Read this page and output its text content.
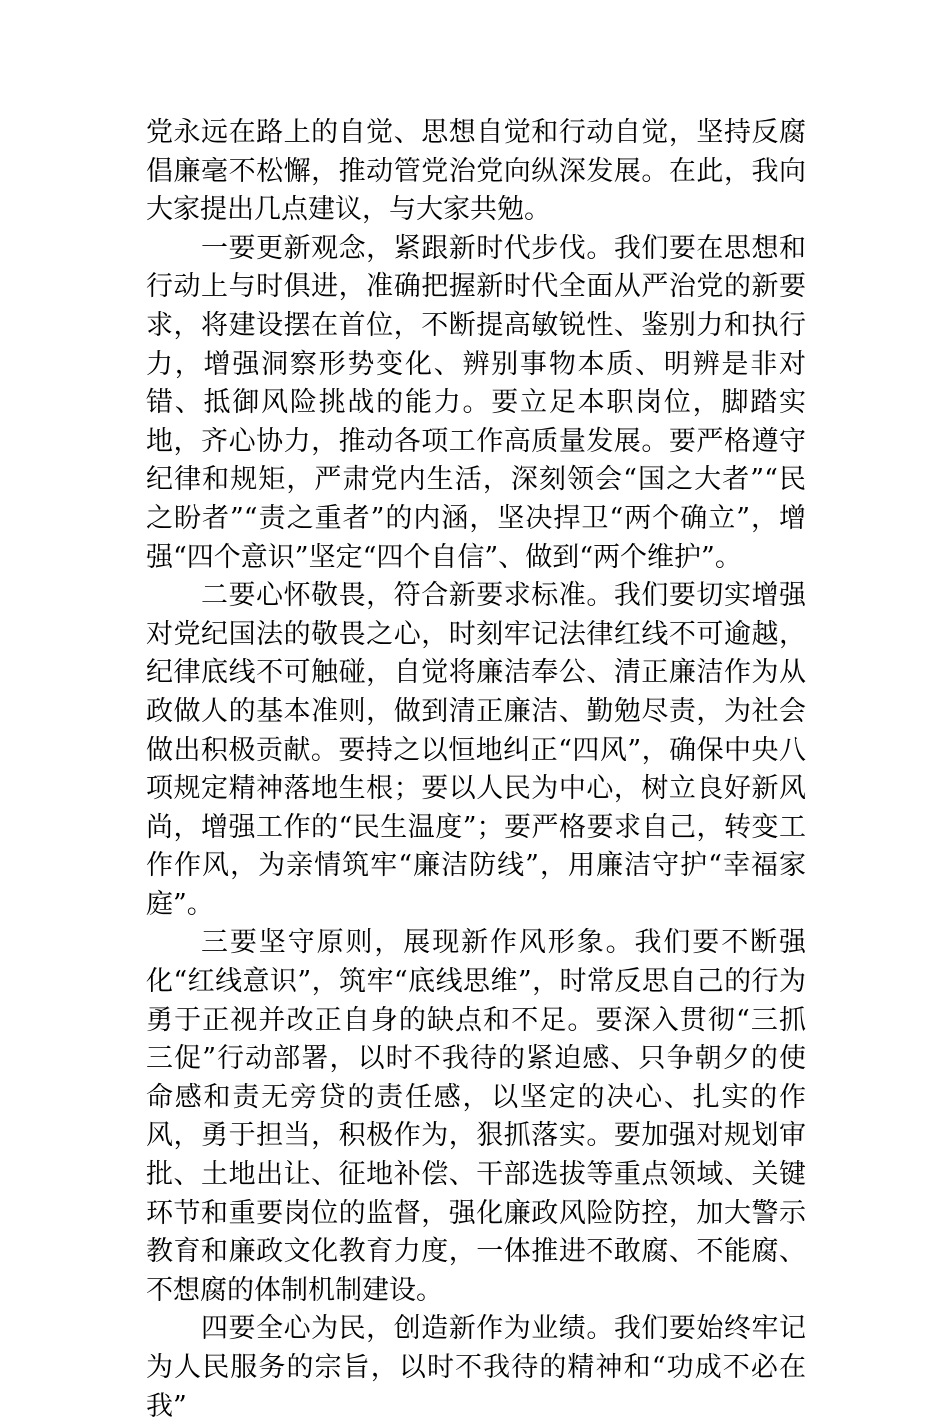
党永远在路上的自觉、思想自觉和行动自觉，坚持反腐倡廉毫不松懈，推动管党治党向纵深发展。在此，我向大家提出几点建议，与大家共勉。

一要更新观念，紧跟新时代步伐。我们要在思想和行动上与时俱进，准确把握新时代全面从严治党的新要求，将建设摆在首位，不断提高敏锐性、鉴别力和执行力，增强洞察形势变化、辨别事物本质、明辨是非对错、抵御风险挑战的能力。要立足本职岗位，脚踏实地，齐心协力，推动各项工作高质量发展。要严格遵守纪律和规矩，严肃党内生活，深刻领会“国之大者”“民之盼者”“责之重者”的内涵，坚决捍卫“两个确立”，增强“四个意识”坚定“四个自信”、做到“两个维护”。

二要心怀敬畏，符合新要求标准。我们要切实增强对党纪国法的敬畏之心，时刻牢记法律红线不可逾越，纪律底线不可触碰，自觉将廉洁奉公、清正廉洁作为从政做人的基本准则，做到清正廉洁、勤勉尽责，为社会做出积极贡献。要持之以恒地纠正“四风”，确保中央八项规定精神落地生根；要以人民为中心，树立良好新风尚，增强工作的“民生温度”；要严格要求自己，转变工作作风，为亲情筑牢“廉洁防线”，用廉洁守护“幸福家庭”。

三要坚守原则，展现新作风形象。我们要不断强化“红线意识”，筑牢“底线思维”，时常反思自己的行为勇于正视并改正自身的缺点和不足。要深入贯彻“三抓三促”行动部署，以时不我待的紧迫感、只争朝夕的使命感和责无旁贷的责任感，以坚定的决心、扎实的作风，勇于担当，积极作为，狠抓落实。要加强对规划审批、土地出让、征地补偿、干部选拔等重点领域、关键环节和重要岗位的监督，强化廉政风险防控，加大警示教育和廉政文化教育力度，一体推进不敢腐、不能腐、不想腐的体制机制建设。

四要全心为民，创造新作为业绩。我们要始终牢记为人民服务的宗旨，以时不我待的精神和“功成不必在我”
